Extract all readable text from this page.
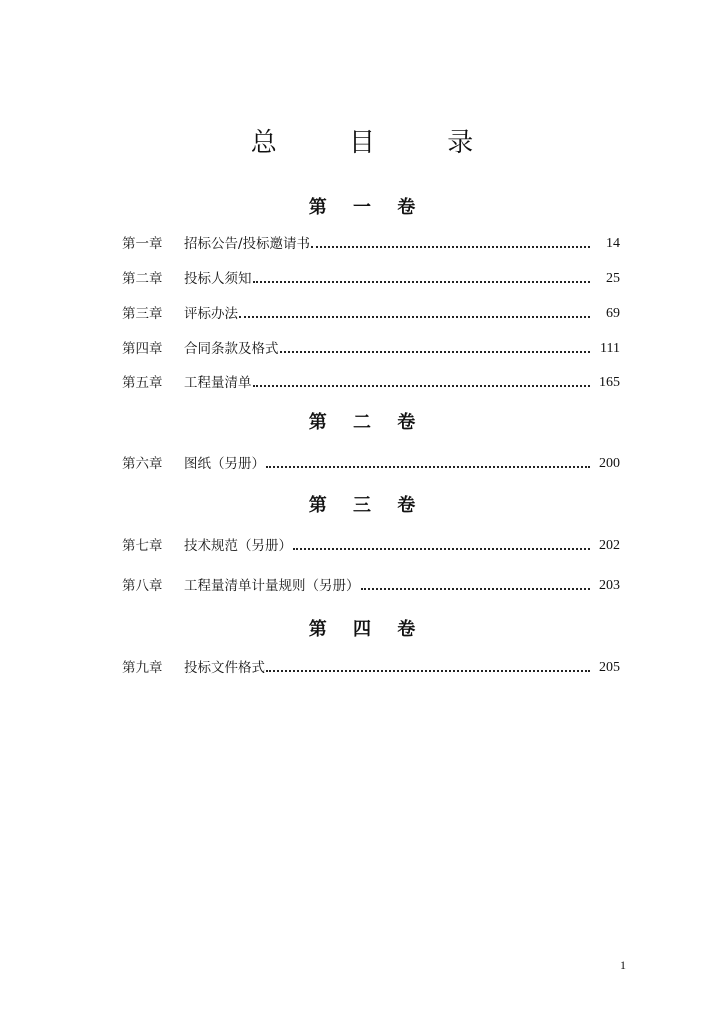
总 目 录
第 一 卷
第一章	招标公告/投标邀请书	14
第二章	投标人须知	25
第三章	评标办法	69
第四章	合同条款及格式	111
第五章	工程量清单	165
第 二 卷
第六章	图纸（另册）	200
第 三 卷
第七章	技术规范（另册）	202
第八章	工程量清单计量规则（另册）	203
第 四 卷
第九章	投标文件格式	205
1
